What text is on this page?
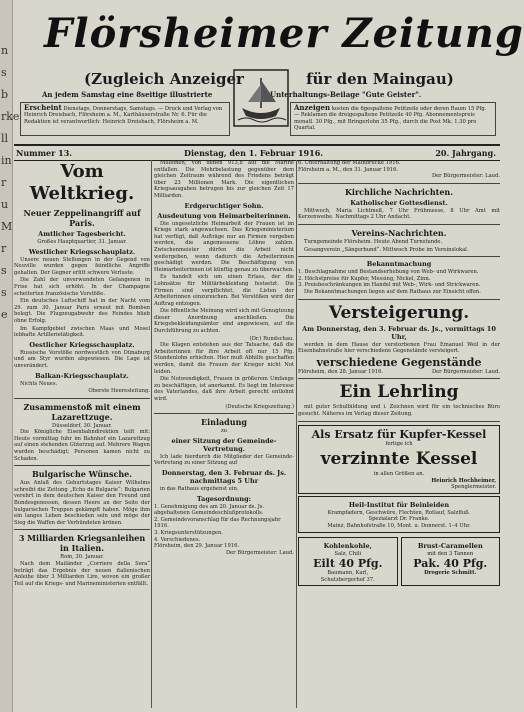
n
s
b
rke
ll
in
r
u
M
r
s
s
e
Flörsheimer Zeitung
(Zugleich Anzeiger	für den Maingau)
An jedem Samstag eine 8seitige illustrierte	Unterhaltungs-Beilage "Gute Geister".
Erscheint Dienstags, Donnerstags, Samstags. — Druck und Verlag von Heinrich Dreisbach, Flörsheim a. M., Karthäuserstraße Nr. 6. Für die Redaktion ist verantwortlich: Heinrich Dreisbach, Flörsheim a. M.
Anzeigen kosten die 6gespaltene Petitzeile oder deren Raum 15 Pfg. — Reklamen die dreigespaltene Petitzeile 40 Pfg. Abonnementspreis monatl. 30 Pfg., mit Bringerlohn 35 Pfg., durch die Post Mk. 1.30 pro Quartal.
Nummer 13.	Dienstag, den 1. Februar 1916.	20. Jahrgang.
Vom Weltkrieg.
Neuer Zeppelinangriff auf Paris.
Amtlicher Tagesbericht.
Großes Hauptquartier, 31. Januar.
Westlicher Kriegsschauplatz.

Unsere neuen Stellungen in der Gegend von Neuville wurden gegen feindliche Angriffe gehalten. Der Gegner erlitt schwere Verluste.

Die Zahl der unverwundeten Gefangenen in Frise hat sich erhöht. In der Champagne scheiterten französische Vorstöße.

Ein deutsches Luftschiff hat in der Nacht vom 29. zum 30. Januar Paris erneut mit Bomben belegt. Die Flugzeugabwehr des Feindes blieb ohne Erfolg.

Im Kampfgebiet zwischen Maas und Mosel lebhafte Artillerietätigkeit.

Oestlicher Kriegsschauplatz.

Russische Vorstöße nordwestlich von Dünaburg und am Styr wurden abgewiesen. Die Lage ist unverändert.

Balkan-Kriegsschauplatz.

Nichts Neues.

Oberste Heeresleitung.
Zusammenstoß mit einem Lazarettzuge.
Düsseldorf, 30. Januar.

Die Königliche Eisenbahndirektion teilt mit: Heute vormittag fuhr im Bahnhof ein Lazarettzug auf einen stehenden Güterzug auf. Mehrere Wagen wurden beschädigt; Personen kamen nicht zu Schaden.

Bulgarische Wünsche.

Aus Anlaß des Geburtstages Kaiser Wilhelms schreibt die Zeitung „Echo de Bulgarie“: Bulgarien verehrt in dem deutschen Kaiser den Freund und Bundesgenossen, dessen Heere an der Seite der bulgarischen Truppen gekämpft haben. Möge ihm ein langes Leben beschieden sein und möge der Sieg die Waffen der Verbündeten krönen.

3 Milliarden Kriegsanleihen in Italien.
Rom, 30. Januar.

Nach dem Mailänder „Corriere della Sera“ beträgt das Ergebnis der neuen italienischen Anleihe über 3 Milliarden Lire, wovon ein großer Teil auf die Kriegs- und Marineministerien entfällt.

Millionen, von denen 913,8 auf die Marine entfallen. Die Mehrbelastung gegenüber dem gleichen Zeitraum während des Friedens beträgt über 23 Millionen Mark. Die eigentlichen Kriegsausgaben betrugen bis zur gleichen Zeit 17 Milliarden.

Erdgeruchtiger Sohn.
Ausdeutung von Heimarbeiterinnen.

Die ungesetzliche Heimarbeit der Frauen ist im Kriege stark angewachsen. Das Kriegsministerium hat verfügt, daß Aufträge nur an Firmen vergeben werden, die angemessene Löhne zahlen. Zwischenmeister dürfen die Arbeit nicht weitergeben, wenn dadurch die Arbeiterinnen geschädigt werden. Die Beschäftigung von Heimarbeiterinnen ist künftig genau zu überwachen.

Es handelt sich um einen Erlass, der die Lohnsätze für Militärbekleidung festsetzt. Die Firmen sind verpflichtet, die Listen der Arbeiterinnen einzureichen. Bei Verstößen wird der Auftrag entzogen.

Die öffentliche Meinung wird sich mit Genugtuung dieser Anordnung anschließen. Die Kriegsbekleidungsämter sind angewiesen, auf die Durchführung zu achten.

(Dr.) Rundschau.

Die Klagen entstehen aus der Tatsache, daß die Arbeiterinnen für ihre Arbeit oft nur 15 Pfg. Stundenlohn erhielten. Hier muß Abhilfe geschaffen werden, damit die Frauen der Krieger nicht Not leiden.

Die Notwendigkeit, Frauen in größerem Umfange zu beschäftigen, ist anerkannt. Es liegt im Interesse des Vaterlandes, daß ihre Arbeit gerecht entlohnt wird.

(Deutsche Kriegszeitung.)
Einladung
zu
einer Sitzung der Gemeinde-Vertretung.

Ich lade hierdurch die Mitglieder der Gemeinde-Vertretung zu einer Sitzung auf

Donnerstag, den 3. Februar ds. Js. nachmittags 5 Uhr

in das Rathaus ergebenst ein.

Tagesordnung:
1. Genehmigung des am 20. Januar ds. Js. abgehaltenen Gemeindeschlußprotokolls.
2. Gemeindevoranschlag für das Rechnungsjahr 1916.
3. Kriegsunterstützungen.
4. Verschiedenes.
Flörsheim, den 29. Januar 1916.
Der Bürgermeister: Laud.
6. Unterhaltung der Mainbrücke 1916.
Flörsheim a. M., den 31. Januar 1916.
Der Bürgermeister: Laud.
Kirchliche Nachrichten.
Katholischer Gottesdienst.

Mittwoch, Maria Lichtmeß, 7 Uhr Frühmesse, 8 Uhr Amt mit Kerzenweihe. Nachmittags 2 Uhr Andacht.

Vereins-Nachrichten.

Turngemeinde Flörsheim. Heute Abend Turnstunde.

Gesangverein „Sängerbund“. Mittwoch Probe im Vereinslokal.

Bekanntmachung
1. Beschlagnahme und Bestandserhebung von Web- und Wirkwaren.
2. Höchstpreise für Kupfer, Messing, Nickel, Zinn.
3. Preisbeschränkungen im Handel mit Web-, Wirk- und Strickwaren.

Die Bekanntmachungen liegen auf dem Rathaus zur Einsicht offen.

Versteigerung.
Am Donnerstag, den 3. Februar ds. Js., vormittags 10 Uhr,

werden in dem Hause der verstorbenen Frau Emanuel Weil in der Eisenbahnstraße hier verschiedene Gegenstände versteigert.

verschiedene Gegenstände
Flörsheim, den 28. Januar 1916.	Der Bürgermeister: Laud.
Ein Lehrling

mit guter Schulbildung und i. Zeichnen wird für ein technisches Büro gesucht. Näheres im Verlag dieser Zeitung.

Als Ersatz für Kupfer-Kessel
fertige ich
verzinnte Kessel
in allen Größen an.
Heinrich Hochheimer,
Spenglermeister.
Heil-Institut für Beinleiden
Krampfadern, Geschwüre, Flechten, Rotlauf, Salzfluß.
Spezialarzt Dr. Franke.
Mainz, Bahnhofstraße 10, Mont. u. Donnerst. 1–4 Uhr.
Kohlenkohle,
Salz, Chili
Eilt 40 Pfg.
Baumann, Karl,
Schutzbergerhof 37.
Brust-Caramellen
mit den 3 Tannen
Pak. 40 Pfg.
Drogerie Schmitt.
